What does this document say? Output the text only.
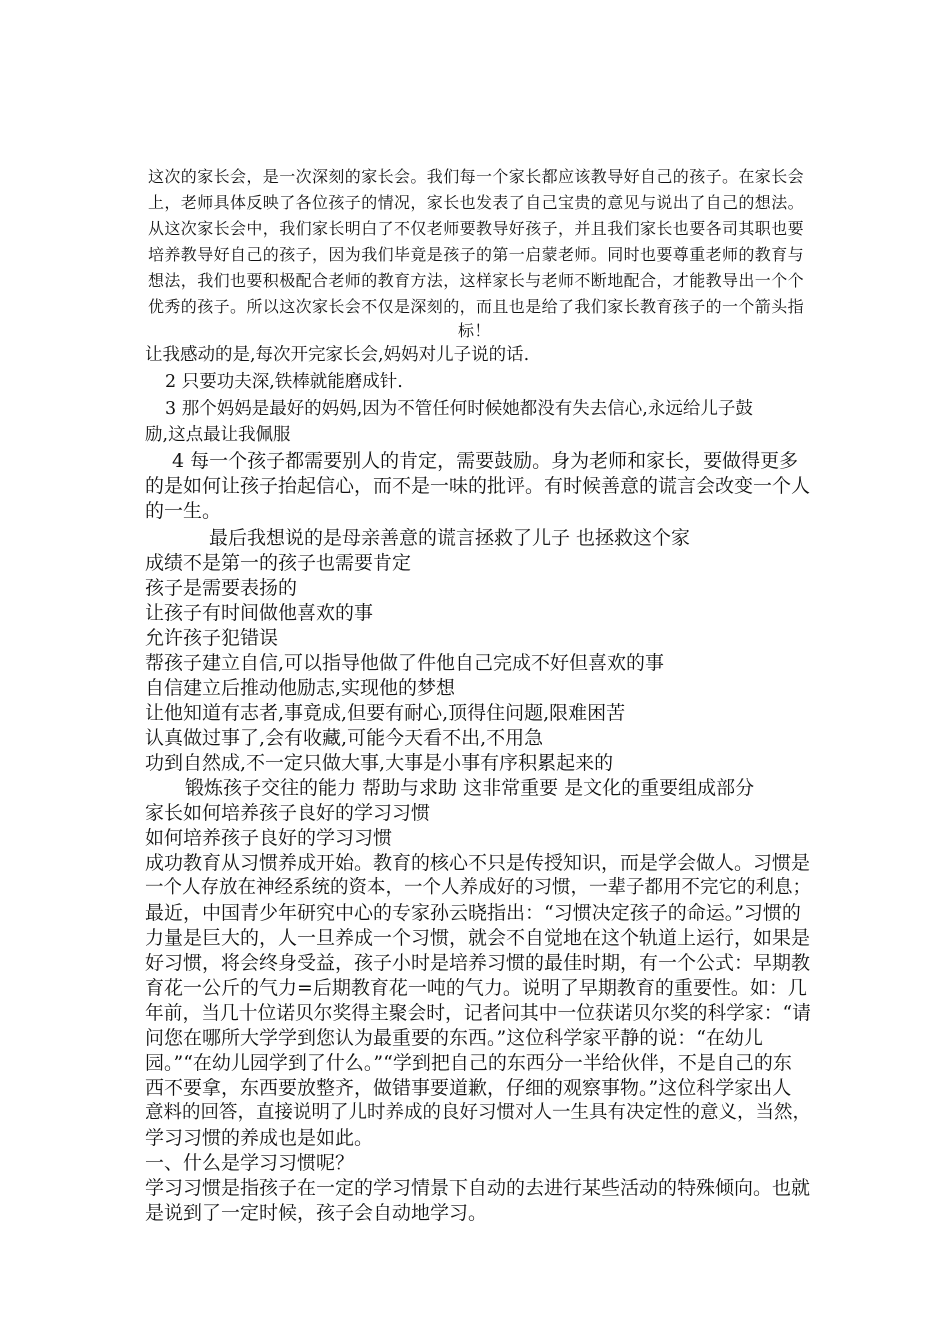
这次的家长会，是一次深刻的家长会。我们每一个家长都应该教导好自己的孩子。在家长会
上，老师具体反映了各位孩子的情况，家长也发表了自己宝贵的意见与说出了自己的想法。
从这次家长会中，我们家长明白了不仅老师要教导好孩子，并且我们家长也要各司其职也要
培养教导好自己的孩子，因为我们毕竟是孩子的第一启蒙老师。同时也要尊重老师的教育与
想法，我们也要积极配合老师的教育方法，这样家长与老师不断地配合，才能教导出一个个
优秀的孩子。所以这次家长会不仅是深刻的，而且也是给了我们家长教育孩子的一个箭头指
标！
让我感动的是,每次开完家长会,妈妈对儿子说的话.
2 只要功夫深,铁棒就能磨成针.
3 那个妈妈是最好的妈妈,因为不管任何时候她都没有失去信心,永远给儿子鼓
励,这点最让我佩服
4 每一个孩子都需要别人的肯定，需要鼓励。身为老师和家长，要做得更多
的是如何让孩子抬起信心，而不是一味的批评。有时候善意的谎言会改变一个人
的一生。
最后我想说的是母亲善意的谎言拯救了儿子 也拯救这个家
成绩不是第一的孩子也需要肯定
孩子是需要表扬的
让孩子有时间做他喜欢的事
允许孩子犯错误
帮孩子建立自信,可以指导他做了件他自己完成不好但喜欢的事
自信建立后推动他励志,实现他的梦想
让他知道有志者,事竟成,但要有耐心,顶得住问题,限难困苦
认真做过事了,会有收藏,可能今天看不出,不用急
功到自然成,不一定只做大事,大事是小事有序积累起来的
锻炼孩子交往的能力 帮助与求助 这非常重要 是文化的重要组成部分
家长如何培养孩子良好的学习习惯
如何培养孩子良好的学习习惯
成功教育从习惯养成开始。教育的核心不只是传授知识，而是学会做人。习惯是
一个人存放在神经系统的资本，一个人养成好的习惯，一辈子都用不完它的利息；
最近，中国青少年研究中心的专家孙云晓指出：“习惯决定孩子的命运。”习惯的
力量是巨大的，人一旦养成一个习惯，就会不自觉地在这个轨道上运行，如果是
好习惯，将会终身受益，孩子小时是培养习惯的最佳时期，有一个公式：早期教
育花一公斤的气力=后期教育花一吨的气力。说明了早期教育的重要性。如：几
年前，当几十位诺贝尔奖得主聚会时，记者问其中一位获诺贝尔奖的科学家：“请
问您在哪所大学学到您认为最重要的东西。”这位科学家平静的说：“在幼儿
园。”“在幼儿园学到了什么。”“学到把自己的东西分一半给伙伴，不是自己的东
西不要拿，东西要放整齐，做错事要道歉，仔细的观察事物。”这位科学家出人
意料的回答，直接说明了儿时养成的良好习惯对人一生具有决定性的意义，当然，
学习习惯的养成也是如此。
一、什么是学习习惯呢？
学习习惯是指孩子在一定的学习情景下自动的去进行某些活动的特殊倾向。也就
是说到了一定时候，孩子会自动地学习。
